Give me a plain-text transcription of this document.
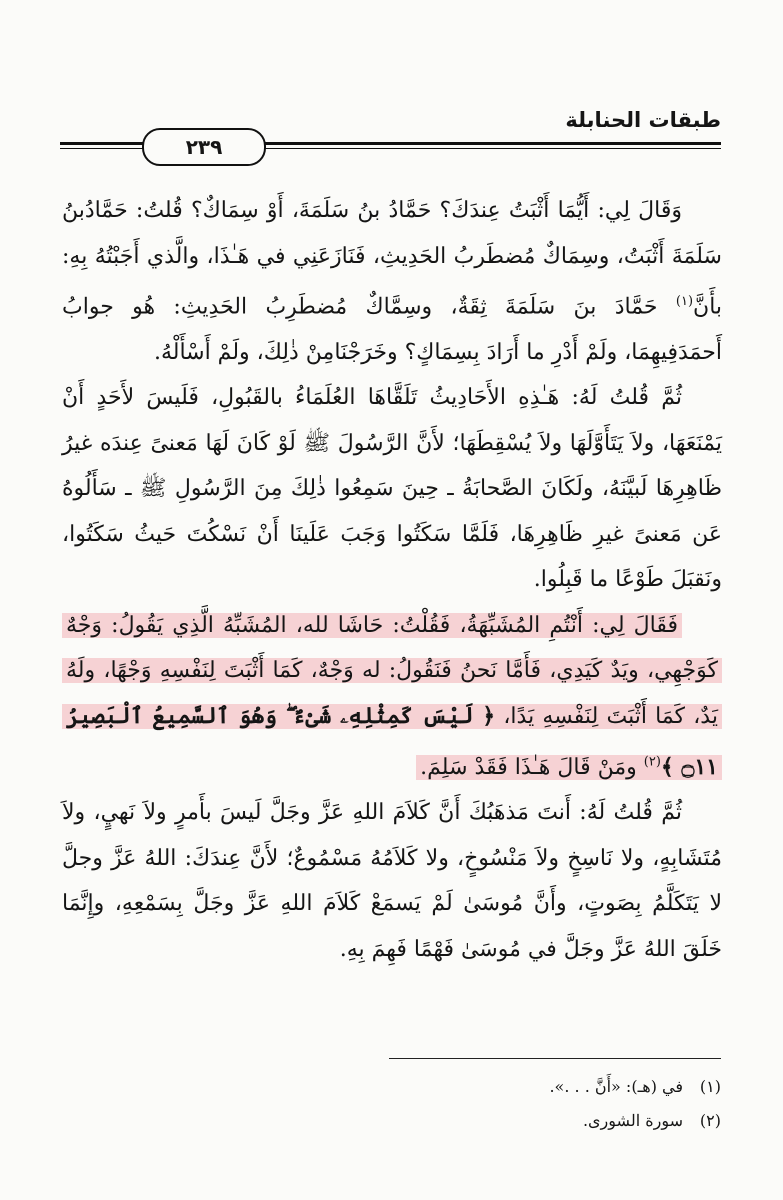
طبقات الحنابلة
٢٣٩

وَقَالَ لِي: أَيُّمَا أَثْبَتُ عِندَكَ؟ حَمَّادُ بنُ سَلَمَةَ، أَوْ سِمَاكٌ؟ قُلتُ: حَمَّادُبنُ سَلَمَةَ أَثْبَتُ، وسِمَاكٌ مُضطَربُ الحَدِيثِ، فَنَازَعَنِي في هَـٰذَا، والَّذي أَجَبْتُهُ بِهِ: بأَنَّ$^{(١)}$ حَمَّادَ بنَ سَلَمَةَ ثِقَةٌ، وسِمَّاكٌ مُضطَرِبُ الحَدِيثِ: هُو جوابُ أَحمَدَفِيهِمَا، ولَمْ أَدْرِ ما أَرَادَ بِسِمَاكٍ؟ وخَرَجْنَامِنْ ذٰلِكَ، ولَمْ أَسْأَلْهُ.

ثُمَّ قُلتُ لَهُ: هَـٰذِهِ الأَحَادِيثُ تَلَقَّاهَا العُلَمَاءُ بالقَبُولِ، فَلَيسَ لأَحَدٍ أَنْ يَمْنَعَهَا، ولاَ يَتَأَوَّلَهَا ولاَ يُسْقِطَهَا؛ لأَنَّ الرَّسُولَ ﷺ لَوْ كَانَ لَهَا مَعنىً عِندَه غيرُ ظَاهِرِهَا لَبيَّنَهُ، ولَكَانَ الصَّحابَةُ ـ حِينَ سَمِعُوا ذٰلِكَ مِنَ الرَّسُولِ ﷺ ـ سَأَلُوهُ عَن مَعنىً غيرِ ظَاهِرِهَا، فَلَمَّا سَكَتُوا وَجَبَ عَلَينَا أَنْ نَسْكُتَ حَيثُ سَكَتُوا، ونَقبَلَ طَوْعًا ما قَبِلُوا.

فَقَالَ لِي: أَنْتُمِ المُشَبِّهَةُ، فَقُلْتُ: حَاشَا لله، المُشَبِّهُ الَّذِي يَقُولُ: وَجْهٌ كَوَجْهِي، ويَدٌ كَيَدِي، فَأَمَّا نَحنُ فَنَقُولُ: له وَجْهٌ، كَمَا أَثْبَتَ لِنَفْسِهِ وَجْهًا، ولَهُ يَدٌ، كَمَا أَثْبَتَ لِنَفْسِهِ يَدًا، ﴿ لَيْسَ كَمِثْلِهِۦ شَىْءٌ ۖ وَهُوَ ٱلسَّمِيعُ ٱلْبَصِيرُ ۝١١ ﴾$^{(٢)}$ ومَنْ قَالَ هَـٰذَا فَقَدْ سَلِمَ.

ثُمَّ قُلتُ لَهُ: أَنتَ مَذهَبُكَ أَنَّ كَلاَمَ اللهِ عَزَّ وجَلَّ لَيسَ بأَمرٍ ولاَ نَهيٍ، ولاَ مُتَشَابِهٍ، ولا نَاسِخٍ ولاَ مَنْسُوخٍ، ولا كَلاَمُهُ مَسْمُوعٌ؛ لأَنَّ عِندَكَ: اللهُ عَزَّ وجلَّ لا يَتَكَلَّمُ بِصَوتٍ، وأَنَّ مُوسَىٰ لَمْ يَسمَعْ كَلاَمَ اللهِ عَزَّ وجَلَّ بِسَمْعِهِ، وإِنَّمَا خَلَقَ اللهُ عَزَّ وجَلَّ في مُوسَىٰ فَهْمًا فَهِمَ بِهِ.

(١)في (هـ): «أَنَّ . . .».
(٢)سورة الشورى.
